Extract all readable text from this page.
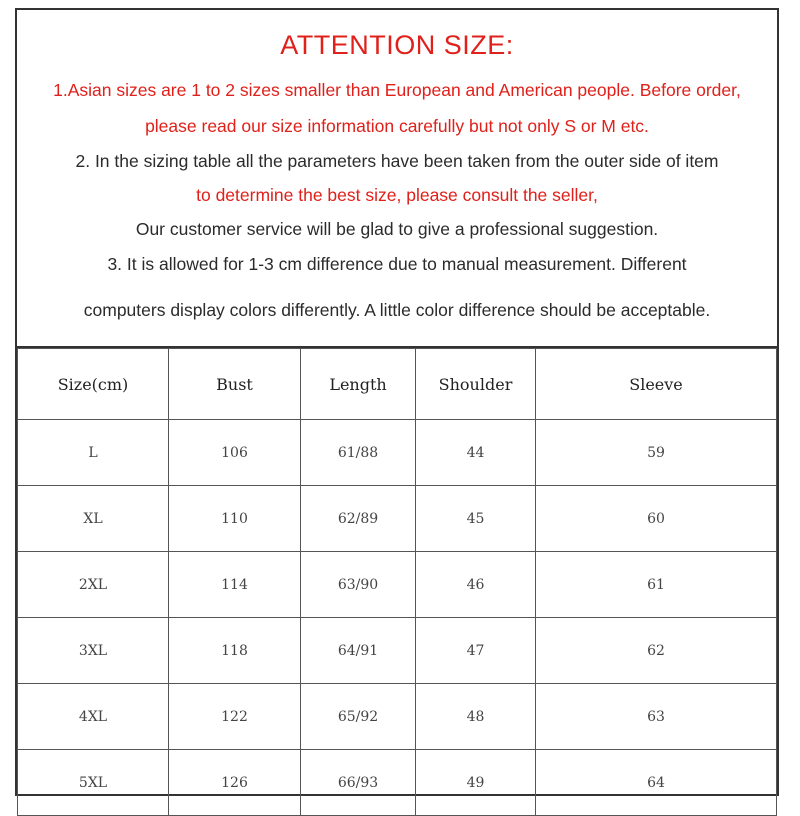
ATTENTION SIZE:
1.Asian sizes are 1 to 2 sizes smaller than European and American people. Before order,
please read our size information carefully but not only S or M etc.
2. In the sizing table all the parameters have been taken from the outer side of item
to determine the best size, please consult the seller,
Our customer service will be glad to give a professional suggestion.
3. It is allowed for 1-3 cm difference due to manual measurement. Different
computers display colors differently. A little color difference should be acceptable.
Size(cm)	Bust	Length	Shoulder	Sleeve
L	106	61/88	44	59
XL	110	62/89	45	60
2XL	114	63/90	46	61
3XL	118	64/91	47	62
4XL	122	65/92	48	63
5XL	126	66/93	49	64
